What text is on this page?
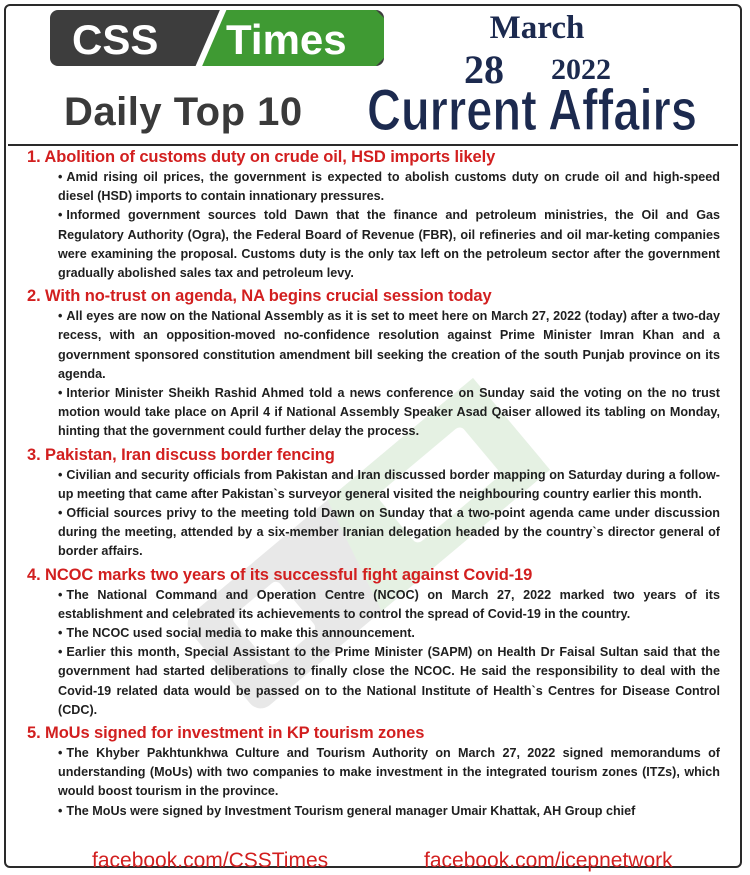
CSS Times	March
28 2022
Daily Top 10 Current Affairs

1. Abolition of customs duty on crude oil, HSD imports likely

• Amid rising oil prices, the government is expected to abolish customs duty on crude oil and high-speed diesel (HSD) imports to contain innationary pressures.

• Informed government sources told Dawn that the finance and petroleum ministries, the Oil and Gas Regulatory Authority (Ogra), the Federal Board of Revenue (FBR), oil refineries and oil mar-keting companies were examining the proposal. Customs duty is the only tax left on the petroleum sector after the government gradually abolished sales tax and petroleum levy.

2. With no-trust on agenda, NA begins crucial session today

• All eyes are now on the National Assembly as it is set to meet here on March 27, 2022 (today) after a two-day recess, with an opposition-moved no-confidence resolution against Prime Minister Imran Khan and a government sponsored constitution amendment bill seeking the creation of the south Punjab province on its agenda.

• Interior Minister Sheikh Rashid Ahmed told a news conference on Sunday said the voting on the no trust motion would take place on April 4 if National Assembly Speaker Asad Qaiser allowed its tabling on Monday, hinting that the government could further delay the process.

3. Pakistan, Iran discuss border fencing

• Civilian and security officials from Pakistan and Iran discussed border mapping on Saturday during a follow-up meeting that came after Pakistan`s surveyor general visited the neighbouring country earlier this month.

• Official sources privy to the meeting told Dawn on Sunday that a two-point agenda came under discussion during the meeting, attended by a six-member Iranian delegation headed by the country`s director general of border affairs.

4. NCOC marks two years of its successful fight against Covid-19

• The National Command and Operation Centre (NCOC) on March 27, 2022 marked two years of its establishment and celebrated its achievements to control the spread of Covid-19 in the country.

• The NCOC used social media to make this announcement.

• Earlier this month, Special Assistant to the Prime Minister (SAPM) on Health Dr Faisal Sultan said that the government had started deliberations to finally close the NCOC. He said the responsibility to deal with the Covid-19 related data would be passed on to the National Institute of Health`s Centres for Disease Control (CDC).

5. MoUs signed for investment in KP tourism zones

• The Khyber Pakhtunkhwa Culture and Tourism Authority on March 27, 2022 signed memorandums of understanding (MoUs) with two companies to make investment in the integrated tourism zones (ITZs), which would boost tourism in the province.

• The MoUs were signed by Investment Tourism general manager Umair Khattak, AH Group chief

facebook.com/CSSTimes	facebook.com/icepnetwork
